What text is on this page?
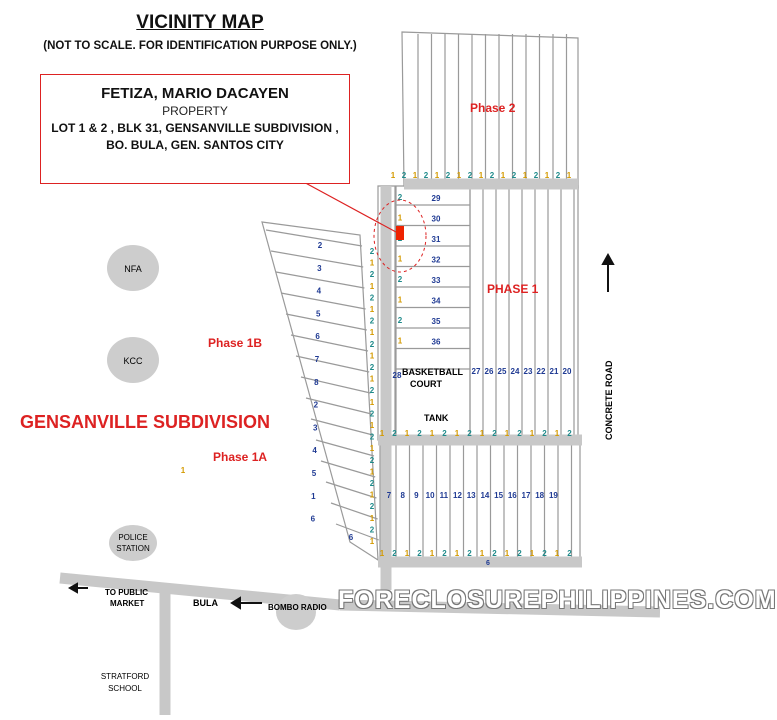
29
30
31
32
33
34
35
36
27 26 25 24 23 22 21 20
7 8 9 10 11 12 13 14 15 16 17 18 19
2
3
4
5
6
7
8
2
3
4
5
1
6
28
6
1
6
1 2 1 2 1 2 1 2 1 2 1 2 1 2 1 2 1
1 2 1 2 1 2 1 2 1 2 1 2 1 2 1 2
1 2 1 2 1 2 1 2 1 2 1 2 1 2 1 2
2
1
2
1
2
1
2
1
2
1
2
1
2
1
2
1
2
1
2
1
2
1
2
1
2
1
2
1
1
2
1
2
1
NFA
KCC
POLICE
STATION
BOMBO RADIO
BULA
TO PUBLIC
MARKET
STRATFORD
SCHOOL
CONCRETE ROAD
Phase 2
PHASE 1
Phase 1B
Phase 1A
GENSANVILLE SUBDIVISION
BASKETBALL
COURT
TANK
VICINITY MAP
(NOT TO SCALE. FOR IDENTIFICATION PURPOSE ONLY.)
FETIZA, MARIO DACAYEN
PROPERTY
LOT 1 & 2 , BLK 31, GENSANVILLE SUBDIVISION ,
BO. BULA, GEN. SANTOS CITY
FORECLOSUREPHILIPPINES.COM
